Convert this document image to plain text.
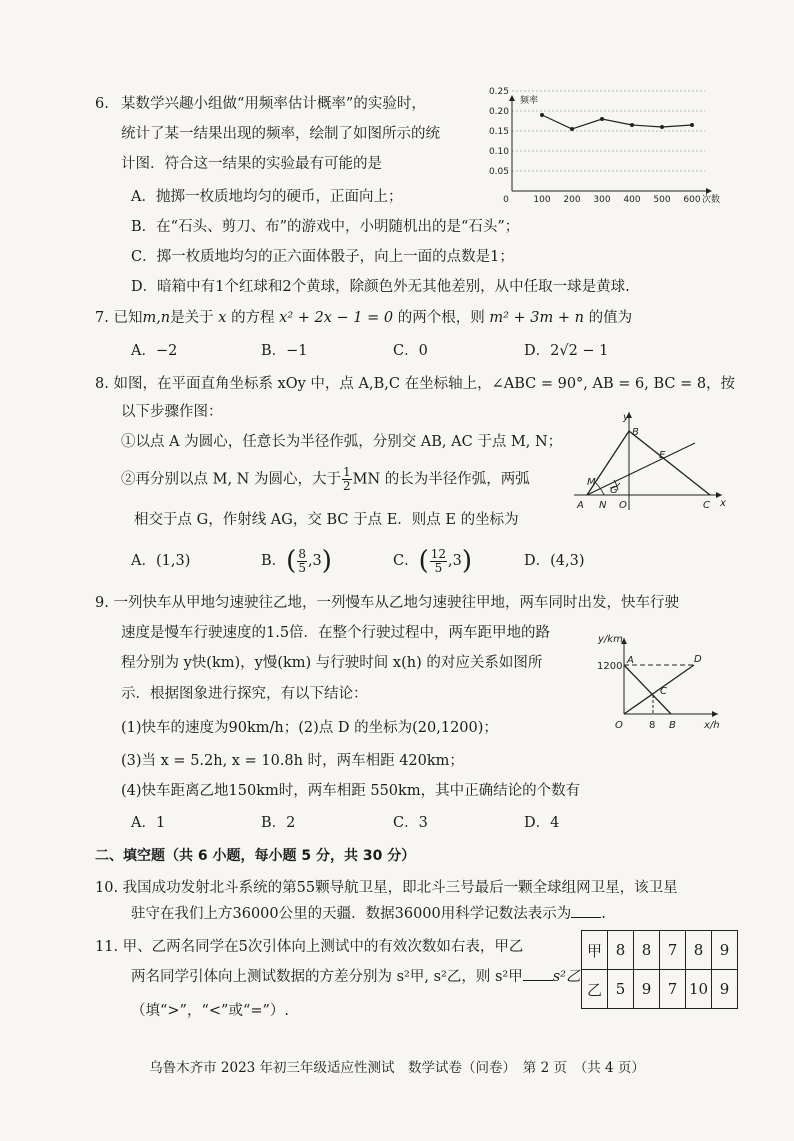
6. 某数学兴趣小组做“用频率估计概率”的实验时，
统计了某一结果出现的频率，绘制了如图所示的统
计图．符合这一结果的实验最有可能的是
A．抛掷一枚质地均匀的硬币，正面向上；
B．在“石头、剪刀、布”的游戏中，小明随机出的是“石头”；
C．掷一枚质地均匀的正六面体骰子，向上一面的点数是1；
D．暗箱中有1个红球和2个黄球，除颜色外无其他差别，从中任取一球是黄球.
0.05
0.10
0.15
0.20
0.25
0	100 200 300 400 500 600
频率
次数
7. 已知m,n是关于 x 的方程 x² + 2x − 1 = 0 的两个根，则 m² + 3m + n 的值为
A．−2	B．−1	C．0	D．2√2 − 1
8. 如图，在平面直角坐标系 xOy 中，点 A,B,C 在坐标轴上，∠ABC = 90°, AB = 6, BC = 8，按
以下步骤作图：
①以点 A 为圆心，任意长为半径作弧，分别交 AB, AC 于点 M, N；
②再分别以点 M, N 为圆心，大于 $\frac{1}{2}$ MN 的长为半径作弧，两弧
相交于点 G，作射线 AG，交 BC 于点 E．则点 E 的坐标为
A．(1,3)	B．( $\frac{8}{5} ,3$)	C．( $\frac{12}{5} ,3$)	D．(4,3)
y
x
A
B
C
E
M
N O
G
9. 一列快车从甲地匀速驶往乙地，一列慢车从乙地匀速驶往甲地，两车同时出发，快车行驶
速度是慢车行驶速度的1.5倍．在整个行驶过程中，两车距甲地的路
程分别为 y快(km)，y慢(km) 与行驶时间 x(h) 的对应关系如图所
示．根据图象进行探究，有以下结论：
(1)快车的速度为90km/h；(2)点 D 的坐标为(20,1200)；
(3)当 x = 5.2h, x = 10.8h 时，两车相距 420km；
(4)快车距离乙地150km时，两车相距 550km，其中正确结论的个数有
A．1	B．2	C．3	D．4
y/km
x/h
1200
A	D
C
O	8 B
二、填空题（共 6 小题，每小题 5 分，共 30 分）
10. 我国成功发射北斗系统的第55颗导航卫星，即北斗三号最后一颗全球组网卫星，该卫星
驻守在我们上方36000公里的天疆．数据36000用科学记数法表示为 .
11. 甲、乙两名同学在5次引体向上测试中的有效次数如右表，甲乙
两名同学引体向上测试数据的方差分别为 s²甲, s²乙，则 s²甲 s²乙
（填“>”，“<”或“=”）.
甲	8	8	7	8	9
乙	5	9	7	10	9
乌鲁木齐市 2023 年初三年级适应性测试　数学试卷（问卷）　第 2 页　（共 4 页）
